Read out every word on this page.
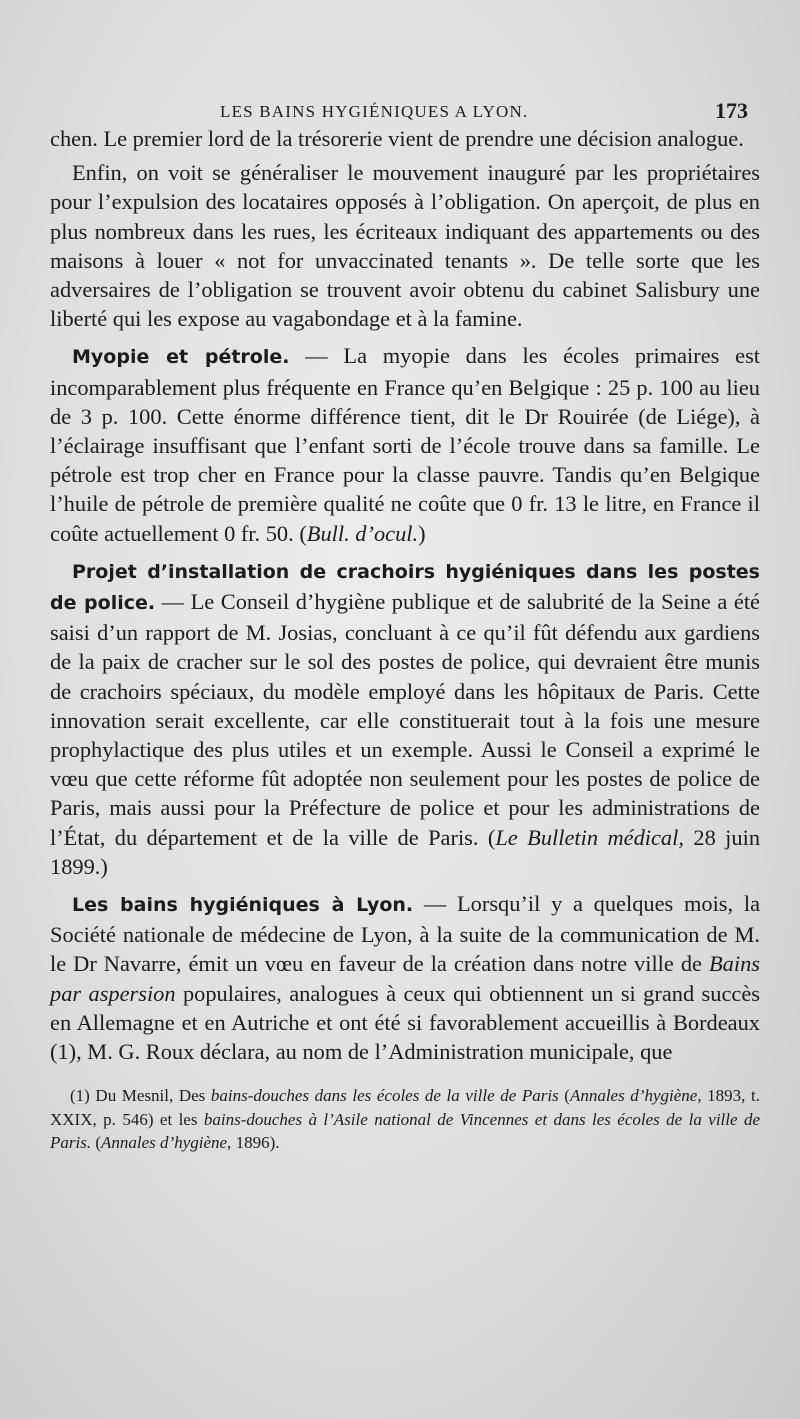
LES BAINS HYGIÉNIQUES A LYON.	173

chen. Le premier lord de la trésorerie vient de prendre une décision analogue.

Enfin, on voit se généraliser le mouvement inauguré par les propriétaires pour l’expulsion des locataires opposés à l’obligation. On aperçoit, de plus en plus nombreux dans les rues, les écriteaux indiquant des appartements ou des maisons à louer « not for unvaccinated tenants ». De telle sorte que les adversaires de l’obligation se trouvent avoir obtenu du cabinet Salisbury une liberté qui les expose au vagabondage et à la famine.

Myopie et pétrole. — La myopie dans les écoles primaires est incomparablement plus fréquente en France qu’en Belgique : 25 p. 100 au lieu de 3 p. 100. Cette énorme différence tient, dit le Dr Rouirée (de Liége), à l’éclairage insuffisant que l’enfant sorti de l’école trouve dans sa famille. Le pétrole est trop cher en France pour la classe pauvre. Tandis qu’en Belgique l’huile de pétrole de première qualité ne coûte que 0 fr. 13 le litre, en France il coûte actuellement 0 fr. 50. (Bull. d’ocul.)

Projet d’installation de crachoirs hygiéniques dans les postes de police. — Le Conseil d’hygiène publique et de salubrité de la Seine a été saisi d’un rapport de M. Josias, concluant à ce qu’il fût défendu aux gardiens de la paix de cracher sur le sol des postes de police, qui devraient être munis de crachoirs spéciaux, du modèle employé dans les hôpitaux de Paris. Cette innovation serait excellente, car elle constituerait tout à la fois une mesure prophylactique des plus utiles et un exemple. Aussi le Conseil a exprimé le vœu que cette réforme fût adoptée non seulement pour les postes de police de Paris, mais aussi pour la Préfecture de police et pour les administrations de l’État, du département et de la ville de Paris. (Le Bulletin médical, 28 juin 1899.)

Les bains hygiéniques à Lyon. — Lorsqu’il y a quelques mois, la Société nationale de médecine de Lyon, à la suite de la communication de M. le Dr Navarre, émit un vœu en faveur de la création dans notre ville de Bains par aspersion populaires, analogues à ceux qui obtiennent un si grand succès en Allemagne et en Autriche et ont été si favorablement accueillis à Bordeaux (1), M. G. Roux déclara, au nom de l’Administration municipale, que

(1) Du Mesnil, Des bains-douches dans les écoles de la ville de Paris (Annales d’hygiène, 1893, t. XXIX, p. 546) et les bains-douches à l’Asile national de Vincennes et dans les écoles de la ville de Paris. (Annales d’hygiène, 1896).
